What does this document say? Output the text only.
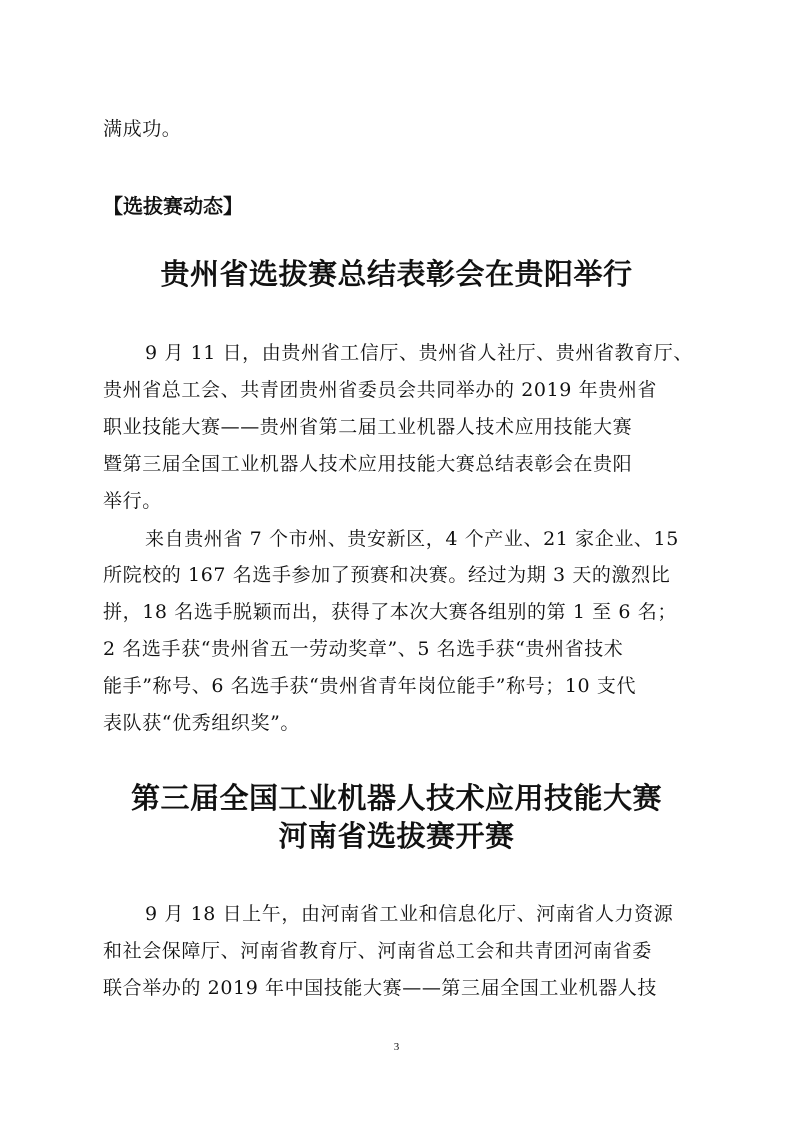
满成功。
【选拔赛动态】
贵州省选拔赛总结表彰会在贵阳举行
9 月 11 日，由贵州省工信厅、贵州省人社厅、贵州省教育厅、
贵州省总工会、共青团贵州省委员会共同举办的 2019 年贵州省
职业技能大赛——贵州省第二届工业机器人技术应用技能大赛
暨第三届全国工业机器人技术应用技能大赛总结表彰会在贵阳
举行。
来自贵州省 7 个市州、贵安新区，4 个产业、21 家企业、15
所院校的 167 名选手参加了预赛和决赛。经过为期 3 天的激烈比
拼，18 名选手脱颖而出，获得了本次大赛各组别的第 1 至 6 名；
2 名选手获“贵州省五一劳动奖章”、5 名选手获“贵州省技术
能手”称号、6 名选手获“贵州省青年岗位能手”称号；10 支代
表队获“优秀组织奖”。
第三届全国工业机器人技术应用技能大赛
河南省选拔赛开赛
9 月 18 日上午，由河南省工业和信息化厅、河南省人力资源
和社会保障厅、河南省教育厅、河南省总工会和共青团河南省委
联合举办的 2019 年中国技能大赛——第三届全国工业机器人技
3
